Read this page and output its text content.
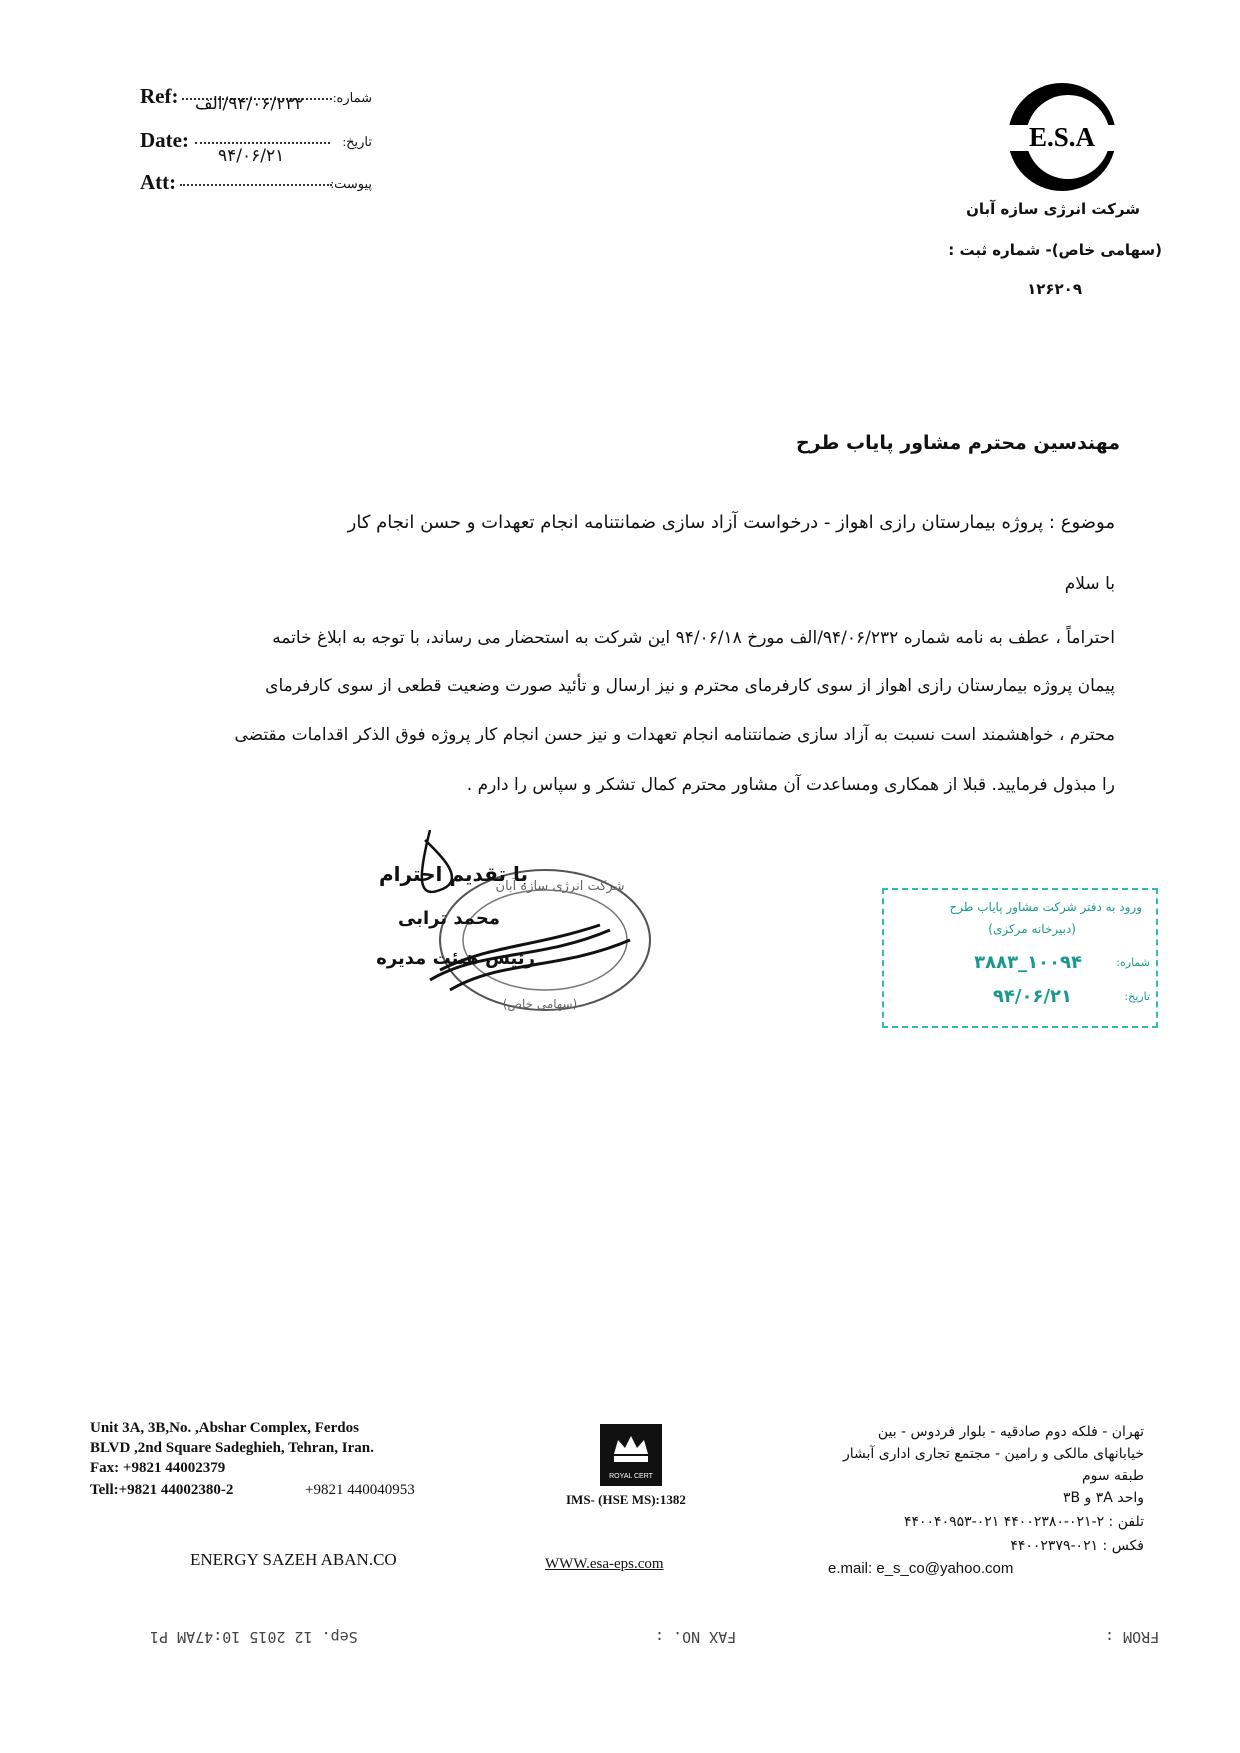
Ref:	شماره:
۹۴/۰۶/۲۳۲/الف
Date:	تاریخ:
۹۴/۰۶/۲۱
Att:	پیوست:
E.S.A
شرکت انرژی سازه آبان
(سهامی خاص)- شماره ثبت :
۱۲۶۲۰۹
مهندسین محترم مشاور پایاب طرح
موضوع : پروژه بیمارستان رازی اهواز - درخواست آزاد سازی ضمانتنامه انجام تعهدات و حسن انجام کار
با سلام
احتراماً ، عطف به نامه شماره ۹۴/۰۶/۲۳۲/الف مورخ ۹۴/۰۶/۱۸ این شرکت به استحضار می رساند، با توجه به ابلاغ خاتمه
پیمان پروژه بیمارستان رازی اهواز از سوی کارفرمای محترم و نیز ارسال و تأئید صورت وضعیت قطعی از سوی کارفرمای
محترم ، خواهشمند است نسبت به آزاد سازی ضمانتنامه انجام تعهدات و نیز حسن انجام کار پروژه فوق الذکر اقدامات مقتضی
را مبذول فرمایید. قبلا از همکاری ومساعدت آن مشاور محترم کمال تشکر و سپاس را دارم .
شرکت انرژی سازه آبان
(سهامی خاص)
با تقدیم احترام
محمد ترابی
رئیس هیئت مدیره
ورود به دفتر شرکت مشاور پایاب طرح
(دبیرخانه مرکزی)
شماره:
۱۰۰۹۴_۳۸۸۳
تاریخ:
۹۴/۰۶/۲۱
Unit 3A, 3B,No. ,Abshar Complex, Ferdos
BLVD ,2nd Square Sadeghieh, Tehran, Iran.
Fax: +9821 44002379
Tell:+9821 44002380-2	+9821 440040953
ENERGY SAZEH ABAN.CO
ROYAL CERT
IMS- (HSE MS):1382
WWW.esa-eps.com
تهران - فلکه دوم صادقیه - بلوار فردوس - بین
خیابانهای مالکی و رامین - مجتمع تجاری اداری آبشار
طبقه سوم
واحد ۳A و ۳B
تلفن : ۲-۰۲۱-۴۴۰۰۲۳۸۰ ۰۲۱-۴۴۰۰۴۰۹۵۳
فکس : ۰۲۱-۴۴۰۰۲۳۷۹
e.mail: e_s_co@yahoo.com
Sep. 12 2015 10:47AM P1	FAX NO. :	FROM :
